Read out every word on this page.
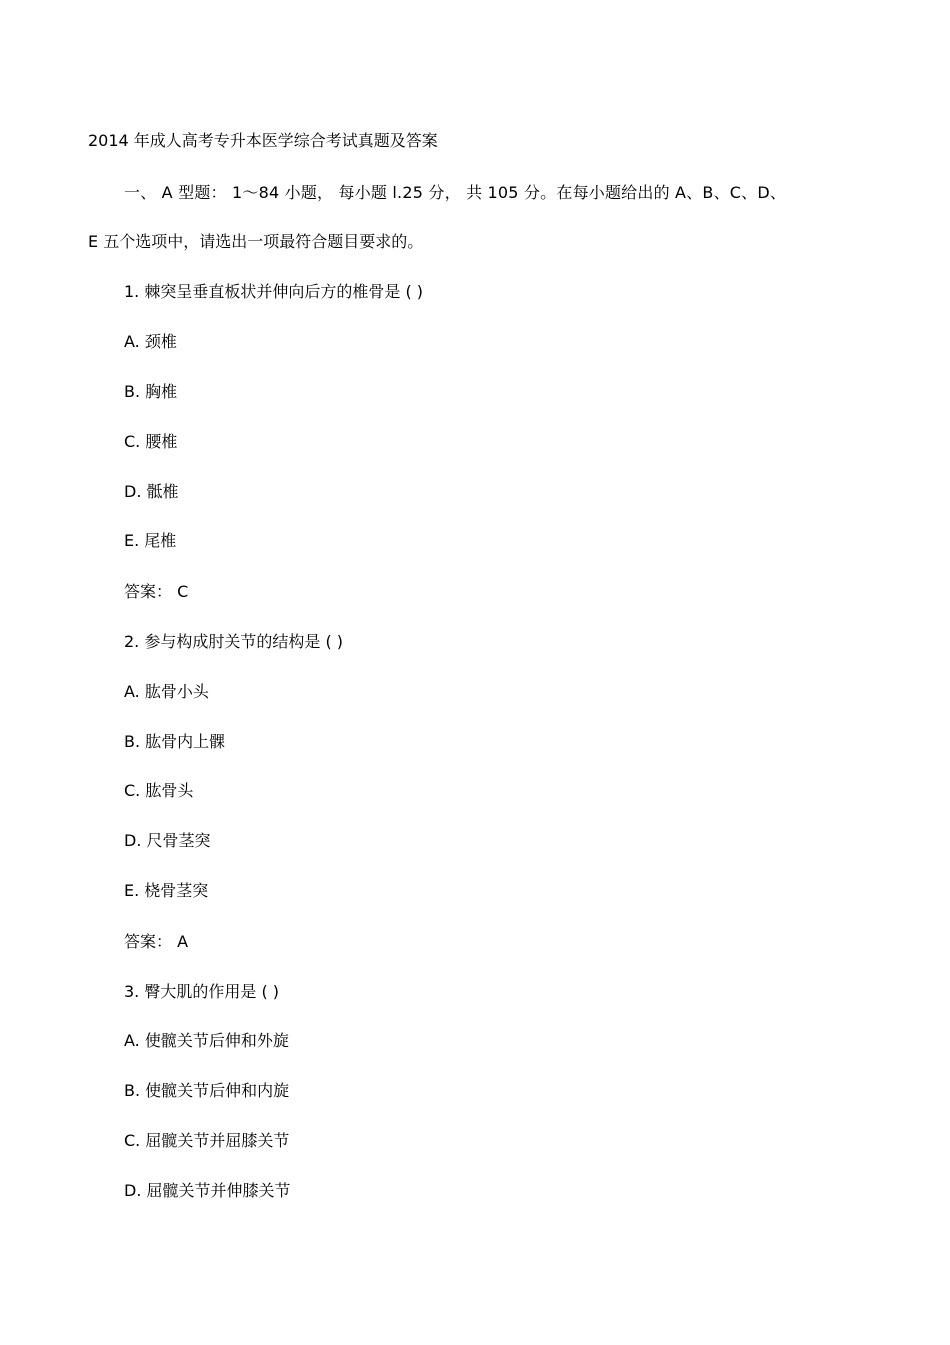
2014 年成人高考专升本医学综合考试真题及答案
一、 A 型题： 1～84 小题， 每小题 l.25 分， 共 105 分。在每小题给出的 A、B、C、D、
E 五个选项中，请选出一项最符合题目要求的。
1. 棘突呈垂直板状并伸向后方的椎骨是 ( )
A. 颈椎
B. 胸椎
C. 腰椎
D. 骶椎
E. 尾椎
答案： C
2. 参与构成肘关节的结构是 ( )
A. 肱骨小头
B. 肱骨内上髁
C. 肱骨头
D. 尺骨茎突
E. 桡骨茎突
答案： A
3. 臀大肌的作用是 ( )
A. 使髋关节后伸和外旋
B. 使髋关节后伸和内旋
C. 屈髋关节并屈膝关节
D. 屈髋关节并伸膝关节
